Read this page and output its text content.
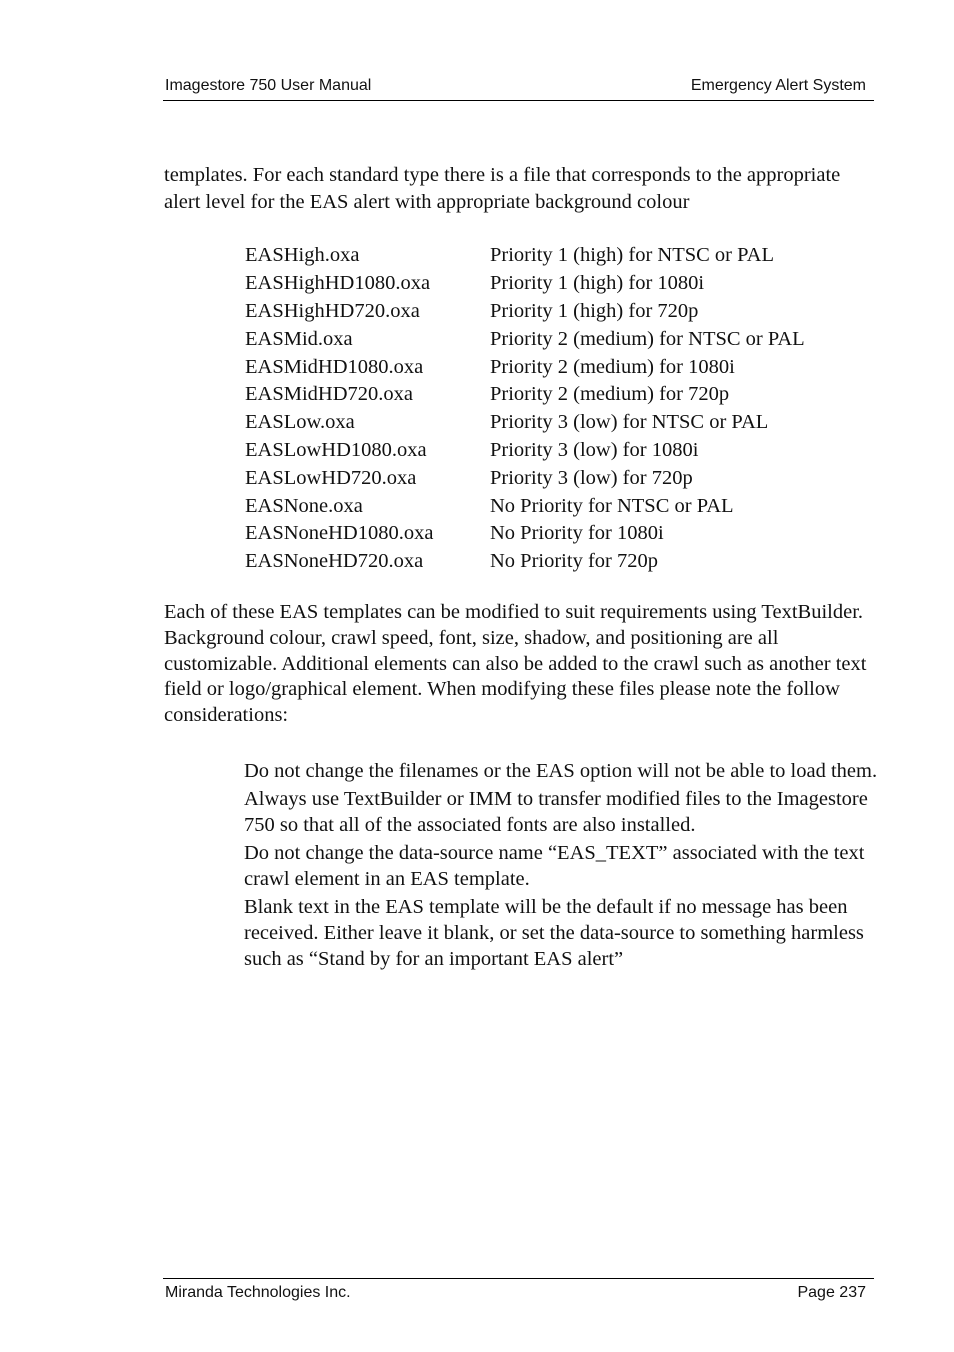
Imagestore 750 User Manual	Emergency Alert System
templates. For each standard type there is a file that corresponds to the appropriate alert level for the EAS alert with appropriate background colour
EASHigh.oxa	Priority 1 (high) for NTSC or PAL
EASHighHD1080.oxa	Priority 1 (high) for 1080i
EASHighHD720.oxa	Priority 1 (high) for 720p
EASMid.oxa	Priority 2 (medium) for NTSC or PAL
EASMidHD1080.oxa	Priority 2 (medium) for 1080i
EASMidHD720.oxa	Priority 2 (medium) for 720p
EASLow.oxa	Priority 3 (low) for NTSC or PAL
EASLowHD1080.oxa	Priority 3 (low) for 1080i
EASLowHD720.oxa	Priority 3 (low) for 720p
EASNone.oxa	No Priority for NTSC or PAL
EASNoneHD1080.oxa	No Priority for 1080i
EASNoneHD720.oxa	No Priority for 720p
Each of these EAS templates can be modified to suit requirements using TextBuilder. Background colour, crawl speed, font, size, shadow, and positioning are all customizable. Additional elements can also be added to the crawl such as another text field or logo/graphical element. When modifying these files please note the follow considerations:
Do not change the filenames or the EAS option will not be able to load them.
Always use TextBuilder or IMM to transfer modified files to the Imagestore 750 so that all of the associated fonts are also installed.
Do not change the data-source name “EAS_TEXT” associated with the text crawl element in an EAS template.
Blank text in the EAS template will be the default if no message has been received. Either leave it blank, or set the data-source to something harmless such as “Stand by for an important EAS alert”
Miranda Technologies Inc.	Page 237
